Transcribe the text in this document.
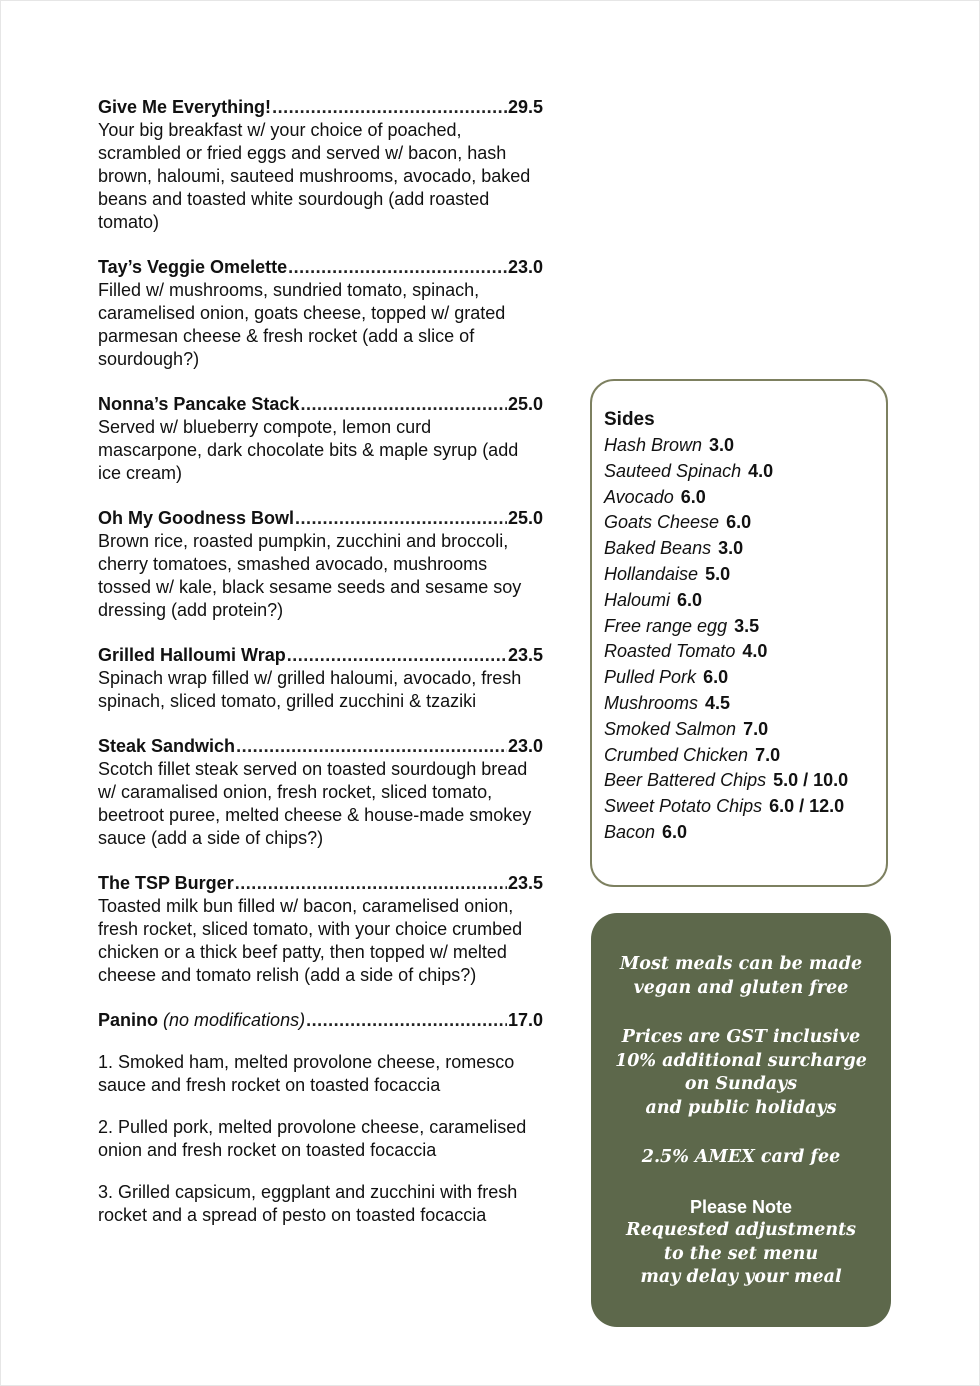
Give Me Everything! .....	29.5
Your big breakfast w/ your choice of poached, scrambled or fried eggs and served w/ bacon, hash brown, haloumi, sauteed mushrooms, avocado, baked beans and toasted white sourdough (add roasted tomato)
Tay’s Veggie Omelette .....	23.0
Filled w/ mushrooms, sundried tomato, spinach, caramelised onion, goats cheese, topped w/ grated parmesan cheese & fresh rocket (add a slice of sourdough?)
Nonna’s Pancake Stack .....	25.0
Served w/ blueberry compote, lemon curd mascarpone, dark chocolate bits & maple syrup (add ice cream)
Oh My Goodness Bowl .....	25.0
Brown rice, roasted pumpkin, zucchini and broccoli, cherry tomatoes, smashed avocado, mushrooms tossed w/ kale, black sesame seeds and sesame soy dressing (add protein?)
Grilled Halloumi Wrap .....	23.5
Spinach wrap filled w/ grilled haloumi, avocado, fresh spinach, sliced tomato, grilled zucchini & tzaziki
Steak Sandwich .....	23.0
Scotch fillet steak served on toasted sourdough bread w/ caramalised onion, fresh rocket, sliced tomato, beetroot puree, melted cheese & house-made smokey sauce (add a side of chips?)
The TSP Burger .....	23.5
Toasted milk bun filled w/ bacon, caramelised onion, fresh rocket, sliced tomato, with your choice crumbed chicken or a thick beef patty, then topped w/ melted cheese and tomato relish (add a side of chips?)
Panino (no modifications) .....	17.0
1. Smoked ham, melted provolone cheese, romesco sauce and fresh rocket on toasted focaccia
2. Pulled pork, melted provolone cheese, caramelised onion and fresh rocket on toasted focaccia
3. Grilled capsicum, eggplant and zucchini with fresh rocket and a spread of pesto on toasted focaccia
Sides
Hash Brown 3.0
Sauteed Spinach 4.0
Avocado 6.0
Goats Cheese 6.0
Baked Beans 3.0
Hollandaise 5.0
Haloumi 6.0
Free range egg 3.5
Roasted Tomato 4.0
Pulled Pork 6.0
Mushrooms 4.5
Smoked Salmon 7.0
Crumbed Chicken 7.0
Beer Battered Chips 5.0 / 10.0
Sweet Potato Chips 6.0 / 12.0
Bacon 6.0
Most meals can be made
vegan and gluten free
Prices are GST inclusive
10% additional surcharge
on Sundays
and public holidays
2.5% AMEX card fee
Please Note
Requested adjustments
to the set menu
may delay your meal
